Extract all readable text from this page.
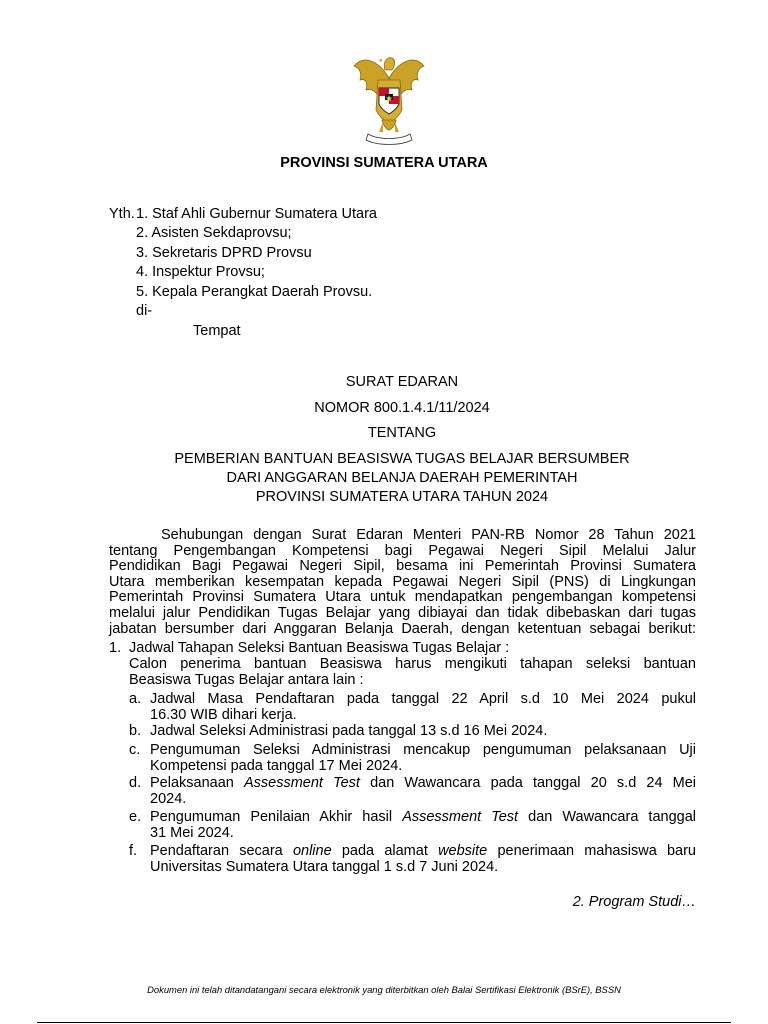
PROVINSI SUMATERA UTARA
Yth. 1. Staf Ahli Gubernur Sumatera Utara
2. Asisten Sekdaprovsu;
3. Sekretaris DPRD Provsu
4. Inspektur Provsu;
5. Kepala Perangkat Daerah Provsu.
di-
Tempat
SURAT EDARAN
NOMOR 800.1.4.1/11/2024
TENTANG
PEMBERIAN BANTUAN BEASISWA TUGAS BELAJAR BERSUMBER
DARI ANGGARAN BELANJA DAERAH PEMERINTAH
PROVINSI SUMATERA UTARA TAHUN 2024
Sehubungan dengan Surat Edaran Menteri PAN-RB Nomor 28 Tahun 2021
tentang Pengembangan Kompetensi bagi Pegawai Negeri Sipil Melalui Jalur
Pendidikan Bagi Pegawai Negeri Sipil, besama ini Pemerintah Provinsi Sumatera
Utara memberikan kesempatan kepada Pegawai Negeri Sipil (PNS) di Lingkungan
Pemerintah Provinsi Sumatera Utara untuk mendapatkan pengembangan kompetensi
melalui jalur Pendidikan Tugas Belajar yang dibiayai dan tidak dibebaskan dari tugas
jabatan bersumber dari Anggaran Belanja Daerah, dengan ketentuan sebagai berikut:
1. Jadwal Tahapan Seleksi Bantuan Beasiswa Tugas Belajar :
Calon penerima bantuan Beasiswa harus mengikuti tahapan seleksi bantuan
Beasiswa Tugas Belajar antara lain :
a. Jadwal Masa Pendaftaran pada tanggal 22 April s.d 10 Mei 2024 pukul
16.30 WIB dihari kerja.
b. Jadwal Seleksi Administrasi pada tanggal 13 s.d 16 Mei 2024.
c. Pengumuman Seleksi Administrasi mencakup pengumuman pelaksanaan Uji
Kompetensi pada tanggal 17 Mei 2024.
d. Pelaksanaan Assessment Test dan Wawancara pada tanggal 20 s.d 24 Mei
2024.
e. Pengumuman Penilaian Akhir hasil Assessment Test dan Wawancara tanggal
31 Mei 2024.
f. Pendaftaran secara online pada alamat website penerimaan mahasiswa baru
Universitas Sumatera Utara tanggal 1 s.d 7 Juni 2024.
2. Program Studi…
Dokumen ini telah ditandatangani secara elektronik yang diterbitkan oleh Balai Sertifikasi Elektronik (BSrE), BSSN
